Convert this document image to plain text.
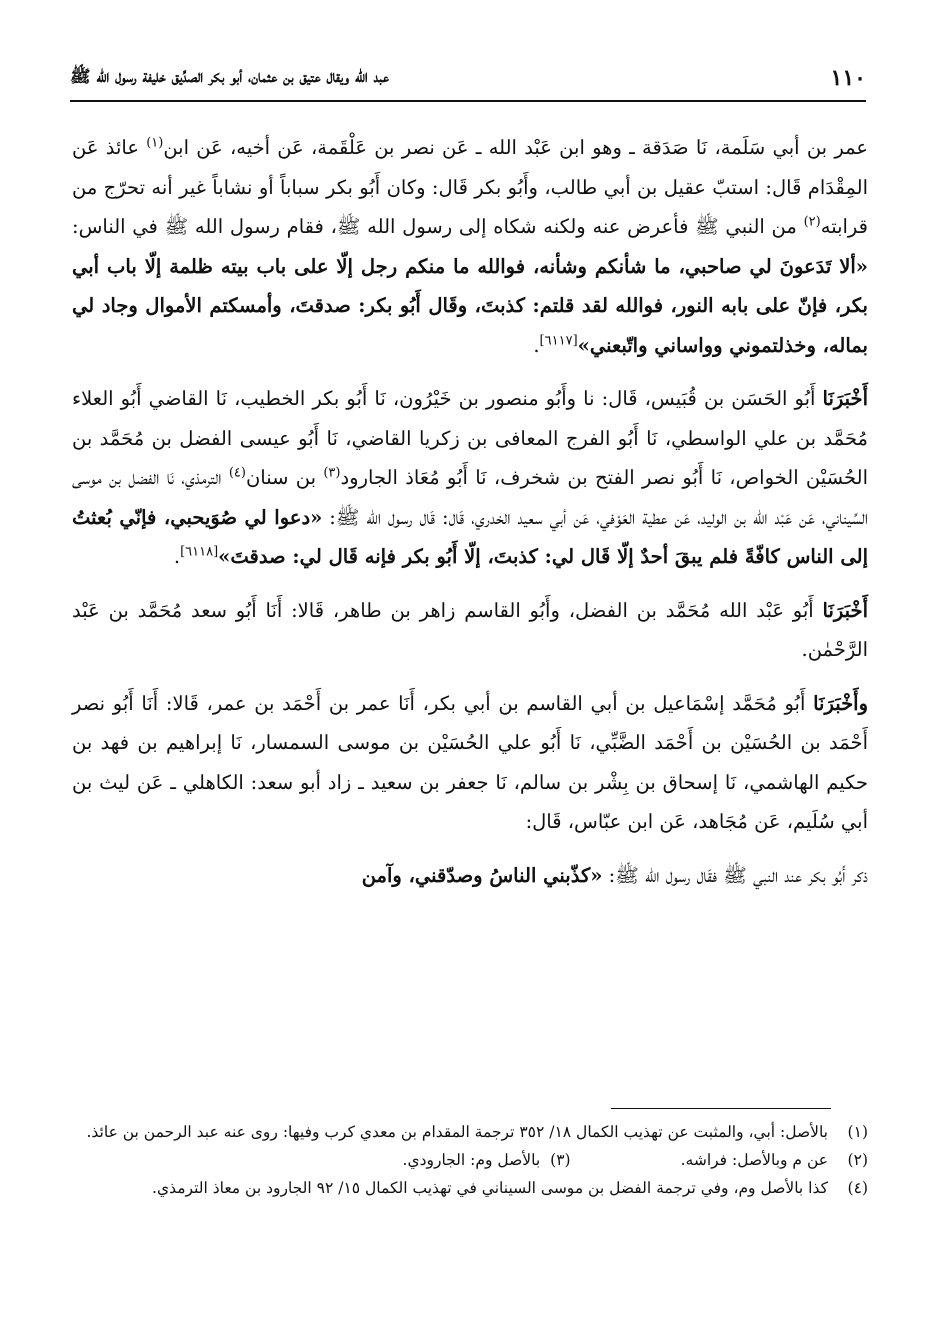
١١٠
عبد الله ويقال عتيق بن عثمان، أبو بكر الصدِّيق خليفة رسول الله ﷺ

عمر بن أبي سَلَمة، نَا صَدَقة ـ وهو ابن عَبْد الله ـ عَن نصر بن عَلْقَمة، عَن أخيه، عَن ابن$^{(١)}$ عائذ عَن المِقْدَام قَال: استبّ عقيل بن أبي طالب، وأَبُو بكر قَال: وكان أَبُو بكر سباباً أو نشاباً غير أنه تحرّج من قرابته$^{(٢)}$ من النبي ﷺ فأعرض عنه ولكنه شكاه إلى رسول الله ﷺ، فقام رسول الله ﷺ في الناس: «ألا تَدَعونَ لي صاحبي، ما شأنكم وشأنه، فوالله ما منكم رجل إلّا على باب بيته ظلمة إلّا باب أبي بكر، فإنّ على بابه النور، فوالله لقد قلتم: كذبتَ، وقَال أَبُو بكر: صدقتَ، وأمسكتم الأموال وجاد لي بماله، وخذلتموني وواساني واتّبعني»[٦١١٧].

أَخْبَرَنَا أَبُو الحَسَن بن قُبَيس، قَال: نا وأَبُو منصور بن خَيْرُون، نَا أَبُو بكر الخطيب، نَا القاضي أَبُو العلاء مُحَمَّد بن علي الواسطي، نَا أَبُو الفرج المعافى بن زكريا القاضي، نَا أَبُو عيسى الفضل بن مُحَمَّد بن الحُسَيْن الخواص، نَا أَبُو نصر الفتح بن شخرف، نَا أَبُو مُعَاذ الجارود$^{(٣)}$ بن سنان$^{(٤)}$ الترمذي، نَا الفضل بن موسى السِّيناني، عَن عَبْد الله بن الوليد، عَن عطية العَوْفي، عَن أبي سعيد الخدري، قَال: قَال رسول الله ﷺ: «دعوا لي صُوَيحبي، فإنّي بُعثتُ إلى الناس كافّةً فلم يبقَ أحدٌ إلّا قَال لي: كذبتَ، إلّا أَبُو بكر فإنه قَال لي: صدقتَ»[٦١١٨].

أَخْبَرَنَا أَبُو عَبْد الله مُحَمَّد بن الفضل، وأَبُو القاسم زاهر بن طاهر، قَالا: أَنَا أَبُو سعد مُحَمَّد بن عَبْد الرَّحْمٰن.

وأَخْبَرَنَا أَبُو مُحَمَّد إسْمَاعيل بن أبي القاسم بن أبي بكر، أَنَا عمر بن أَحْمَد بن عمر، قَالا: أَنَا أَبُو نصر أَحْمَد بن الحُسَيْن بن أَحْمَد الضَّبِّي، نَا أَبُو علي الحُسَيْن بن موسى السمسار، نَا إبراهيم بن فهد بن حكيم الهاشمي، نَا إسحاق بن بِشْر بن سالم، نَا جعفر بن سعيد ـ زاد أبو سعد: الكاهلي ـ عَن ليث بن أبي سُلَيم، عَن مُجَاهد، عَن ابن عبّاس، قَال:

ذكر أَبُو بكر عند النبي ﷺ فقَال رسول الله ﷺ: «كذّبني الناسُ وصدّقني، وآمن

(١)
بالأصل: أبي، والمثبت عن تهذيب الكمال ١٨/ ٣٥٢ ترجمة المقدام بن معدي كرب وفيها: روى عنه عبد الرحمن بن عائذ.
(٢)
عن م وبالأصل: فراشه.
(٣)
بالأصل وم: الجارودي.
(٤)
كذا بالأصل وم، وفي ترجمة الفضل بن موسى السيناني في تهذيب الكمال ١٥/ ٩٢ الجارود بن معاذ الترمذي.
